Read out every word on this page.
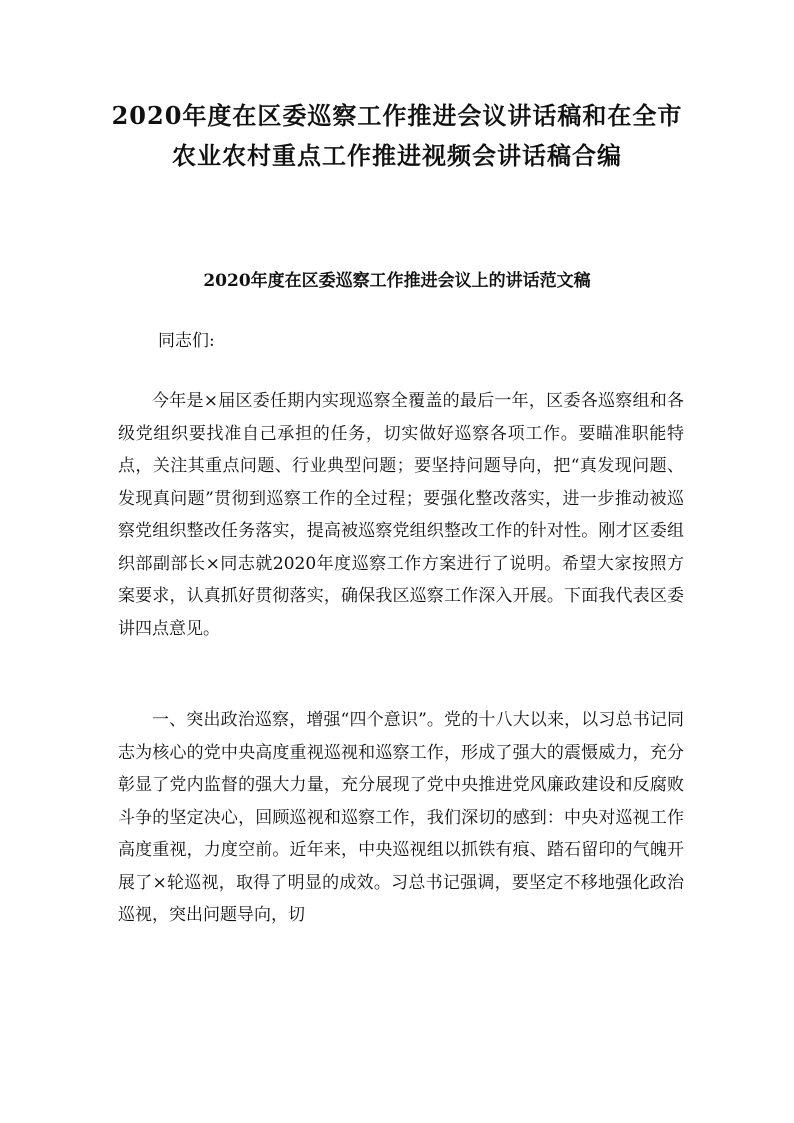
2020年度在区委巡察工作推进会议讲话稿和在全市
农业农村重点工作推进视频会讲话稿合编
2020年度在区委巡察工作推进会议上的讲话范文稿
同志们:

今年是×届区委任期内实现巡察全覆盖的最后一年，区委各巡察组和各级党组织要找准自己承担的任务，切实做好巡察各项工作。要瞄准职能特点，关注其重点问题、行业典型问题；要坚持问题导向，把“真发现问题、发现真问题”贯彻到巡察工作的全过程；要强化整改落实，进一步推动被巡察党组织整改任务落实，提高被巡察党组织整改工作的针对性。刚才区委组织部副部长×同志就2020年度巡察工作方案进行了说明。希望大家按照方案要求，认真抓好贯彻落实，确保我区巡察工作深入开展。下面我代表区委讲四点意见。

一、突出政治巡察，增强“四个意识”。党的十八大以来，以习总书记同志为核心的党中央高度重视巡视和巡察工作，形成了强大的震慑威力，充分彰显了党内监督的强大力量，充分展现了党中央推进党风廉政建设和反腐败斗争的坚定决心，回顾巡视和巡察工作，我们深切的感到：中央对巡视工作高度重视，力度空前。近年来，中央巡视组以抓铁有痕、踏石留印的气魄开展了×轮巡视，取得了明显的成效。习总书记强调，要坚定不移地强化政治巡视，突出问题导向，切
